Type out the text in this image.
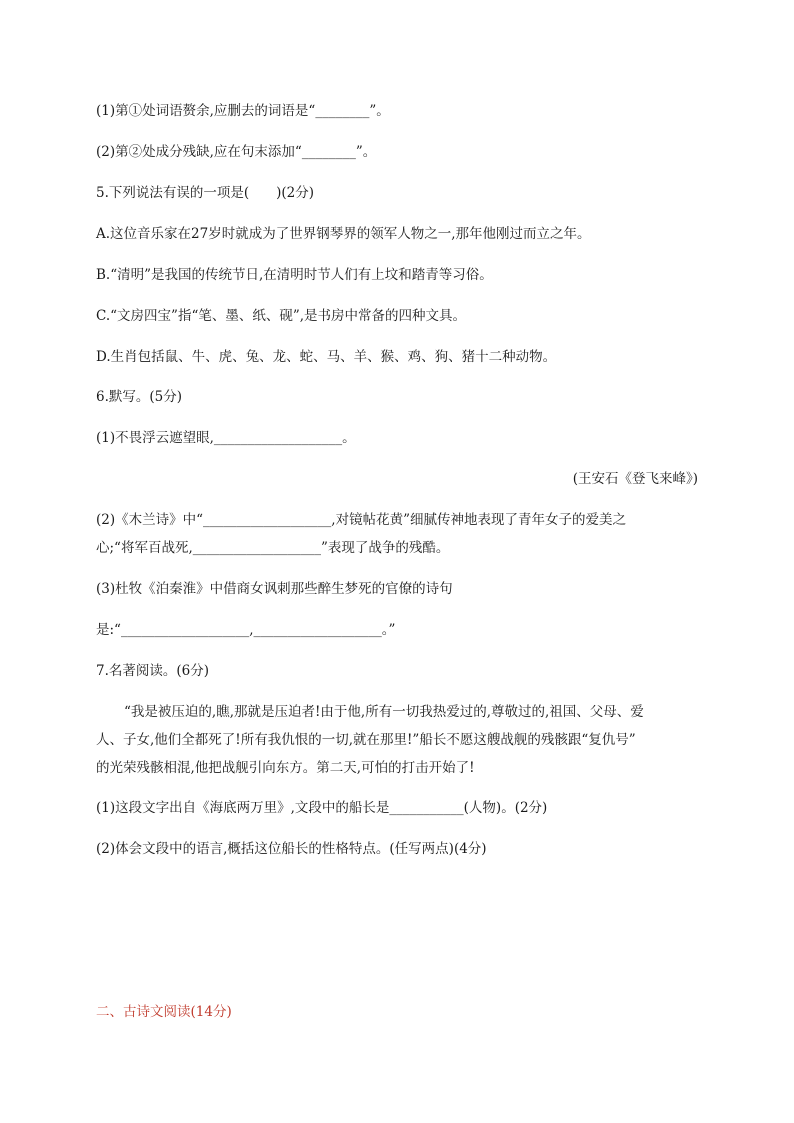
(1)第①处词语赘余,应删去的词语是“________”。
(2)第②处成分残缺,应在句末添加“________”。
5.下列说法有误的一项是(　　)(2分)
A.这位音乐家在27岁时就成为了世界钢琴界的领军人物之一,那年他刚过而立之年。
B.“清明”是我国的传统节日,在清明时节人们有上坟和踏青等习俗。
C.“文房四宝”指“笔、墨、纸、砚”,是书房中常备的四种文具。
D.生肖包括鼠、牛、虎、兔、龙、蛇、马、羊、猴、鸡、狗、猪十二种动物。
6.默写。(5分)
(1)不畏浮云遮望眼,___________________。
(王安石《登飞来峰》)
(2)《木兰诗》中“___________________,对镜帖花黄”细腻传神地表现了青年女子的爱美之
心;“将军百战死,___________________”表现了战争的残酷。
(3)杜牧《泊秦淮》中借商女讽刺那些醉生梦死的官僚的诗句
是:“___________________,___________________。”
7.名著阅读。(6分)
“我是被压迫的,瞧,那就是压迫者!由于他,所有一切我热爱过的,尊敬过的,祖国、父母、爱
人、子女,他们全都死了!所有我仇恨的一切,就在那里!”船长不愿这艘战舰的残骸跟“复仇号”
的光荣残骸相混,他把战舰引向东方。第二天,可怕的打击开始了!
(1)这段文字出自《海底两万里》,文段中的船长是___________(人物)。(2分)
(2)体会文段中的语言,概括这位船长的性格特点。(任写两点)(4分)
二、古诗文阅读(14分)
